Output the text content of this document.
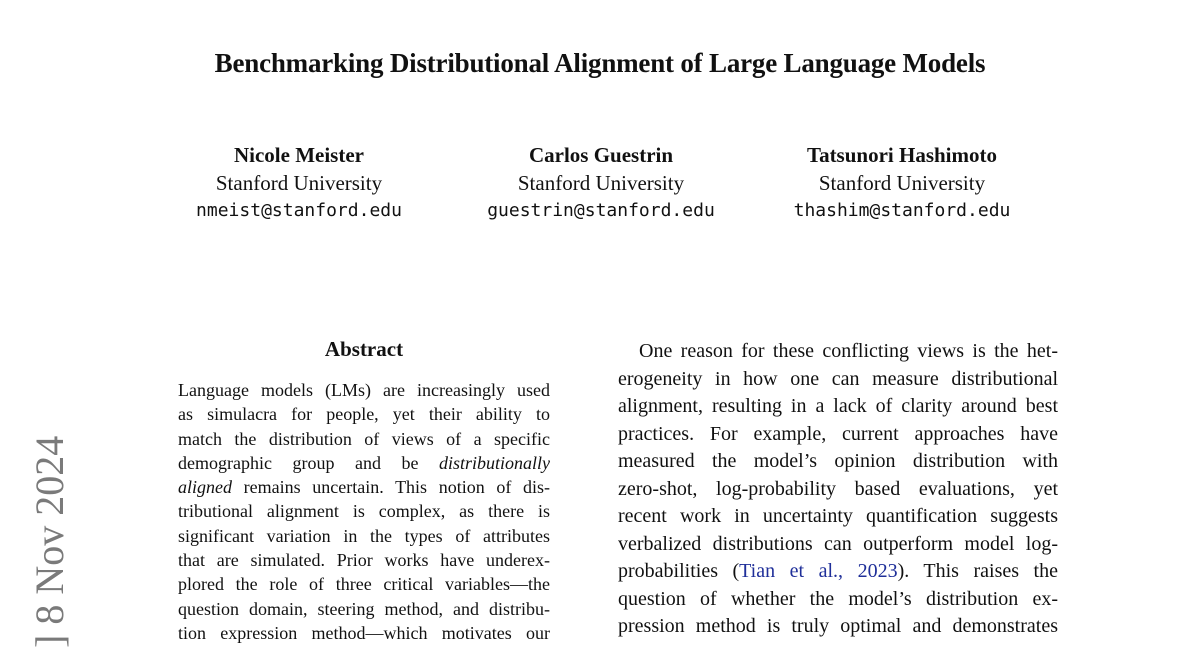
Benchmarking Distributional Alignment of Large Language Models
Nicole Meister
Stanford University
nmeist@stanford.edu
Carlos Guestrin
Stanford University
guestrin@stanford.edu
Tatsunori Hashimoto
Stanford University
thashim@stanford.edu
] 8 Nov 2024
Abstract
Language models (LMs) are increasingly used
as simulacra for people, yet their ability to
match the distribution of views of a specific
demographic group and be distributionally
aligned remains uncertain. This notion of dis-
tributional alignment is complex, as there is
significant variation in the types of attributes
that are simulated. Prior works have underex-
plored the role of three critical variables—the
question domain, steering method, and distribu-
tion expression method—which motivates our
One reason for these conflicting views is the het-
erogeneity in how one can measure distributional
alignment, resulting in a lack of clarity around best
practices. For example, current approaches have
measured the model’s opinion distribution with
zero-shot, log-probability based evaluations, yet
recent work in uncertainty quantification suggests
verbalized distributions can outperform model log-
probabilities (Tian et al., 2023). This raises the
question of whether the model’s distribution ex-
pression method is truly optimal and demonstrates
